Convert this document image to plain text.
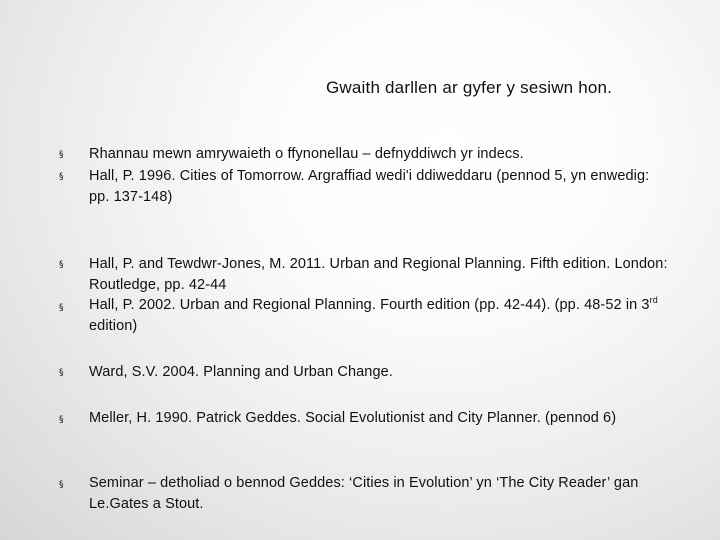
Gwaith darllen ar gyfer y sesiwn hon.
§ Rhannau mewn amrywaieth o ffynonellau – defnyddiwch yr indecs.
§ Hall, P. 1996. Cities of Tomorrow. Argraffiad wedi'i ddiweddaru (pennod 5, yn enwedig: pp. 137-148)
§ Hall, P. and Tewdwr-Jones, M. 2011. Urban and Regional Planning. Fifth edition. London: Routledge, pp. 42-44
§ Hall, P. 2002. Urban and Regional Planning. Fourth edition (pp. 42-44). (pp. 48-52 in 3rd edition)
§ Ward, S.V. 2004. Planning and Urban Change.
§ Meller, H. 1990. Patrick Geddes. Social Evolutionist and City Planner. (pennod 6)
§ Seminar – detholiad o bennod Geddes: ‘Cities in Evolution’ yn ‘The City Reader’ gan Le.Gates a Stout.
